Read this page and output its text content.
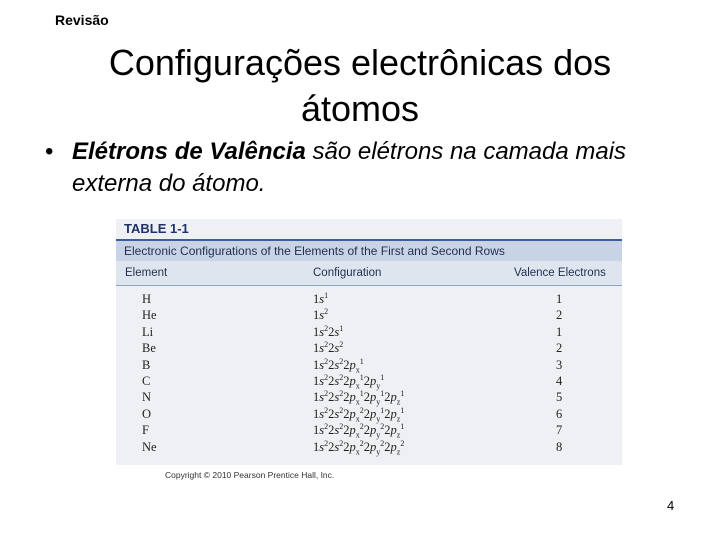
Revisão
Configurações electrônicas dos
átomos
• Elétrons de Valência são elétrons na camada mais externa do átomo.
TABLE 1-1
Electronic Configurations of the Elements of the First and Second Rows
Element	Configuration	Valence Electrons
H	$1s^1$	1
He	$1s^2$	2
Li	$1s^22s^1$	1
Be	$1s^22s^2$	2
B	$1s^22s^22p_x^1$	3
C	$1s^22s^22p_x^12p_y^1$	4
N	$1s^22s^22p_x^12p_y^12p_z^1$	5
O	$1s^22s^22p_x^22p_y^12p_z^1$	6
F	$1s^22s^22p_x^22p_y^22p_z^1$	7
Ne	$1s^22s^22p_x^22p_y^22p_z^2$	8
Copyright © 2010 Pearson Prentice Hall, Inc.
4
